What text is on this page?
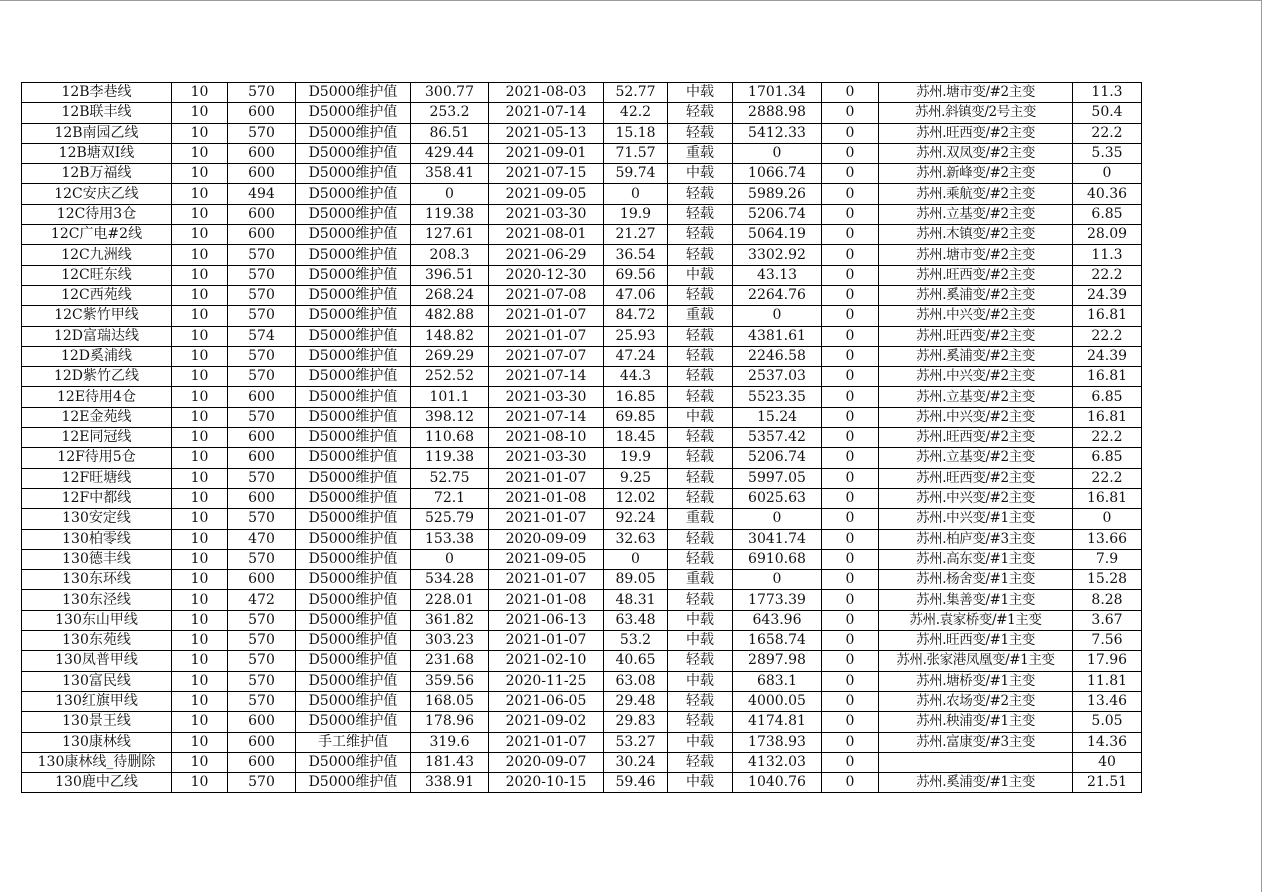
12B李巷线	10	570	D5000维护值	300.77	2021-08-03	52.77	中载	1701.34	0	苏州.塘市变/#2主变	11.3
12B联丰线	10	600	D5000维护值	253.2	2021-07-14	42.2	轻载	2888.98	0	苏州.斜镇变/2号主变	50.4
12B南园乙线	10	570	D5000维护值	86.51	2021-05-13	15.18	轻载	5412.33	0	苏州.旺西变/#2主变	22.2
12B塘双Ⅰ线	10	600	D5000维护值	429.44	2021-09-01	71.57	重载	0	0	苏州.双凤变/#2主变	5.35
12B万福线	10	600	D5000维护值	358.41	2021-07-15	59.74	中载	1066.74	0	苏州.新峰变/#2主变	0
12C安庆乙线	10	494	D5000维护值	0	2021-09-05	0	轻载	5989.26	0	苏州.乘航变/#2主变	40.36
12C待用3仓	10	600	D5000维护值	119.38	2021-03-30	19.9	轻载	5206.74	0	苏州.立基变/#2主变	6.85
12C广电#2线	10	600	D5000维护值	127.61	2021-08-01	21.27	轻载	5064.19	0	苏州.木镇变/#2主变	28.09
12C九洲线	10	570	D5000维护值	208.3	2021-06-29	36.54	轻载	3302.92	0	苏州.塘市变/#2主变	11.3
12C旺东线	10	570	D5000维护值	396.51	2020-12-30	69.56	中载	43.13	0	苏州.旺西变/#2主变	22.2
12C西苑线	10	570	D5000维护值	268.24	2021-07-08	47.06	轻载	2264.76	0	苏州.奚浦变/#2主变	24.39
12C紫竹甲线	10	570	D5000维护值	482.88	2021-01-07	84.72	重载	0	0	苏州.中兴变/#2主变	16.81
12D富瑞达线	10	574	D5000维护值	148.82	2021-01-07	25.93	轻载	4381.61	0	苏州.旺西变/#2主变	22.2
12D奚浦线	10	570	D5000维护值	269.29	2021-07-07	47.24	轻载	2246.58	0	苏州.奚浦变/#2主变	24.39
12D紫竹乙线	10	570	D5000维护值	252.52	2021-07-14	44.3	轻载	2537.03	0	苏州.中兴变/#2主变	16.81
12E待用4仓	10	600	D5000维护值	101.1	2021-03-30	16.85	轻载	5523.35	0	苏州.立基变/#2主变	6.85
12E金苑线	10	570	D5000维护值	398.12	2021-07-14	69.85	中载	15.24	0	苏州.中兴变/#2主变	16.81
12E同冠线	10	600	D5000维护值	110.68	2021-08-10	18.45	轻载	5357.42	0	苏州.旺西变/#2主变	22.2
12F待用5仓	10	600	D5000维护值	119.38	2021-03-30	19.9	轻载	5206.74	0	苏州.立基变/#2主变	6.85
12F旺塘线	10	570	D5000维护值	52.75	2021-01-07	9.25	轻载	5997.05	0	苏州.旺西变/#2主变	22.2
12F中都线	10	600	D5000维护值	72.1	2021-01-08	12.02	轻载	6025.63	0	苏州.中兴变/#2主变	16.81
130安定线	10	570	D5000维护值	525.79	2021-01-07	92.24	重载	0	0	苏州.中兴变/#1主变	0
130柏零线	10	470	D5000维护值	153.38	2020-09-09	32.63	轻载	3041.74	0	苏州.柏庐变/#3主变	13.66
130德丰线	10	570	D5000维护值	0	2021-09-05	0	轻载	6910.68	0	苏州.高东变/#1主变	7.9
130东环线	10	600	D5000维护值	534.28	2021-01-07	89.05	重载	0	0	苏州.杨舍变/#1主变	15.28
130东泾线	10	472	D5000维护值	228.01	2021-01-08	48.31	轻载	1773.39	0	苏州.集善变/#1主变	8.28
130东山甲线	10	570	D5000维护值	361.82	2021-06-13	63.48	中载	643.96	0	苏州.袁家桥变/#1主变	3.67
130东苑线	10	570	D5000维护值	303.23	2021-01-07	53.2	中载	1658.74	0	苏州.旺西变/#1主变	7.56
130凤普甲线	10	570	D5000维护值	231.68	2021-02-10	40.65	轻载	2897.98	0	苏州.张家港凤凰变/#1主变	17.96
130富民线	10	570	D5000维护值	359.56	2020-11-25	63.08	中载	683.1	0	苏州.塘桥变/#1主变	11.81
130红旗甲线	10	570	D5000维护值	168.05	2021-06-05	29.48	轻载	4000.05	0	苏州.农场变/#2主变	13.46
130景王线	10	600	D5000维护值	178.96	2021-09-02	29.83	轻载	4174.81	0	苏州.秧浦变/#1主变	5.05
130康林线	10	600	手工维护值	319.6	2021-01-07	53.27	中载	1738.93	0	苏州.富康变/#3主变	14.36
130康林线_待删除	10	600	D5000维护值	181.43	2020-09-07	30.24	轻载	4132.03	0		40
130鹿中乙线	10	570	D5000维护值	338.91	2020-10-15	59.46	中载	1040.76	0	苏州.奚浦变/#1主变	21.51
